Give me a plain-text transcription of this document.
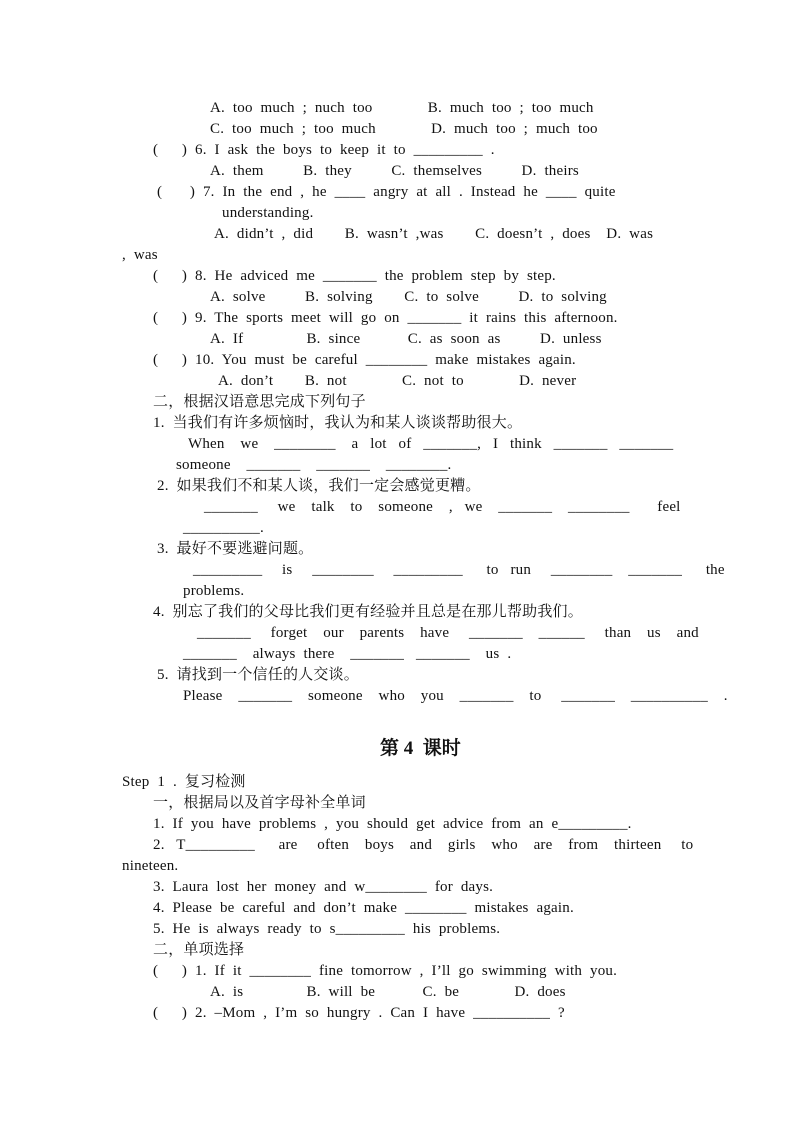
A.  too  much  ;  nuch  too              B.  much  too  ;  too  much
C.  too  much  ;  too  much              D.  much  too  ;  much  too
(      )  6.  I  ask  the  boys  to  keep  it  to  _________  .
A.  them          B.  they          C.  themselves          D.  theirs
(       )  7.  In  the  end  ,  he  ____  angry  at  all  .  Instead  he  ____  quite
understanding.
A.  didn’t  ,  did        B.  wasn’t  ,was        C.  doesn’t  ,  does    D.  was
,  was
(      )  8.  He  adviced  me  _______  the  problem  step  by  step.
A.  solve          B.  solving        C.  to  solve          D.  to  solving
(      )  9.  The  sports  meet  will  go  on  _______  it  rains  this  afternoon.
A.  If                B.  since            C.  as  soon  as          D.  unless
(      )  10.  You  must  be  careful  ________  make  mistakes  again.
A.  don’t        B.  not              C.  not  to              D.  never
二，根据汉语意思完成下列句子
1.  当我们有许多烦恼时，我认为和某人谈谈帮助很大。
When    we    ________    a   lot   of   _______,   I   think   _______   _______
someone    _______    _______    ________.
2.  如果我们不和某人谈，我们一定会感觉更糟。
_______     we    talk    to    someone    ,   we    _______    ________       feel
__________.
3.  最好不要逃避问题。
_________     is     ________     _________      to   run     ________    _______      the
problems.
4.  别忘了我们的父母比我们更有经验并且总是在那儿帮助我们。
_______     forget    our    parents    have     _______    ______     than    us    and
_______    always  there    _______   _______    us  .
5.  请找到一个信任的人交谈。
Please    _______    someone    who    you    _______    to     _______    __________    .
第 4  课时
Step  1  .  复习检测
一，根据局以及首字母补全单词
1.  If  you  have  problems  ,  you  should  get  advice  from  an  e_________.
2.   T_________      are     often    boys    and    girls    who    are    from    thirteen     to
nineteen.
3.  Laura  lost  her  money  and  w________  for  days.
4.  Please  be  careful  and  don’t  make  ________  mistakes  again.
5.  He  is  always  ready  to  s_________  his  problems.
二，单项选择
(      )  1.  If  it  ________  fine  tomorrow  ,  I’ll  go  swimming  with  you.
A.  is                B.  will  be            C.  be              D.  does
(      )  2.  –Mom  ,  I’m  so  hungry  .  Can  I  have  __________  ?
